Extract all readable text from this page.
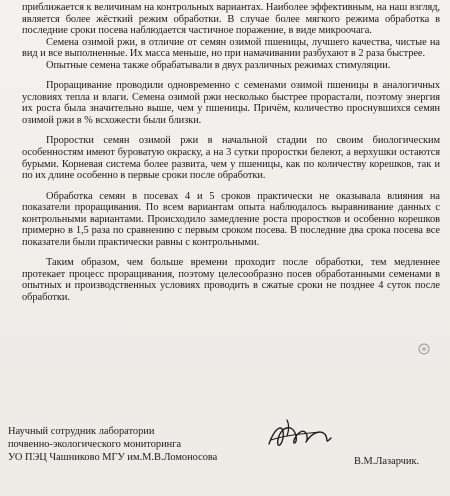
приближается к величинам на контрольных вариантах. Наиболее эффективным, на наш взгляд, является более жёсткий режим обработки. В случае более мягкого режима обработка в последние сроки посева наблюдается частичное поражение, в виде микроочага.

Семена озимой ржи, в отличие от семян озимой пшеницы, лучшего качества, чистые на вид и все выполненные. Их масса меньше, но при намачивании разбухают в 2 раза быстрее.

Опытные семена также обрабатывали в двух различных режимах стимуляции.

Проращивание проводили одновременно с семенами озимой пшеницы в аналогичных условиях тепла и влаги. Семена озимой ржи несколько быстрее прорастали, поэтому энергия их роста была значительно выше, чем у пшеницы. Причём, количество проснувшихся семян озимой ржи в % всхожести были близки.

Проростки семян озимой ржи в начальной стадии по своим биологическим особенностям имеют буроватую окраску, а на 3 сутки проростки белеют, а верхушки остаются бурыми. Корневая система более развита, чем у пшеницы, как по количеству корешков, так и по их длине особенно в первые сроки после обработки.

Обработка семян в посевах 4 и 5 сроков практически не оказывала влияния на показатели проращивания. По всем вариантам опыта наблюдалось выравнивание данных с контрольными вариантами. Происходило замедление роста проростков и особенно корешков примерно в 1,5 раза по сравнению с первым сроком посева. В последние два срока посева все показатели были практически равны с контрольными.

Таким образом, чем больше времени проходит после обработки, тем медленнее протекает процесс проращивания, поэтому целесообразно посев обработанными семенами в опытных и производственных условиях проводить в сжатые сроки не позднее 4 суток после обработки.

Научный сотрудник лаборатории
почвенно-экологического мониторинга
УО ПЭЦ Чашниково МГУ им.М.В.Ломоносова	В.М.Лазарчик.
